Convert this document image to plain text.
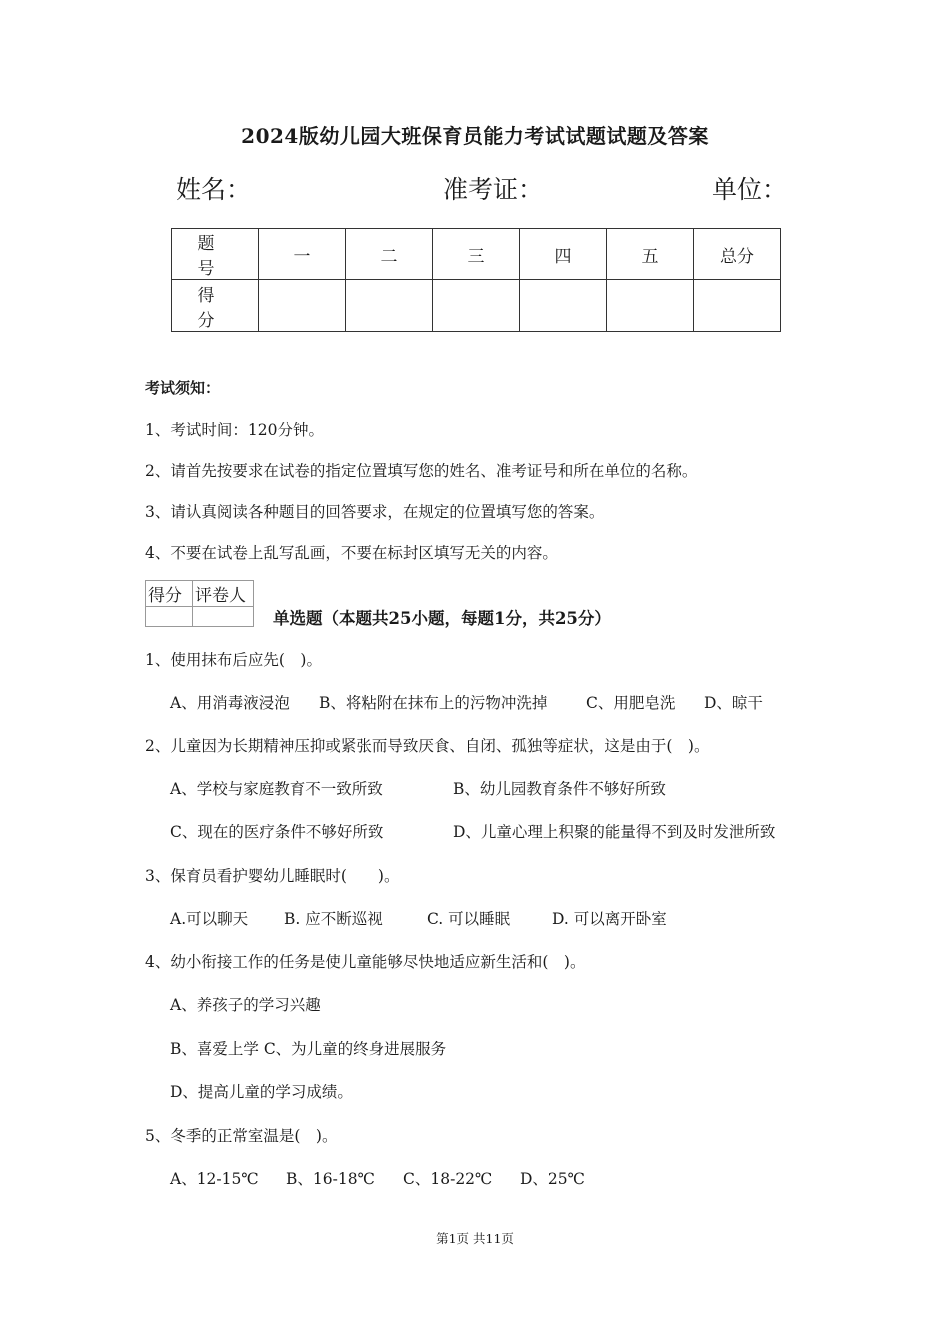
2024版幼儿园大班保育员能力考试试题试题及答案
姓名：	准考证：	单位：
题　号	一	二	三	四	五	总分
得　分						
考试须知：
1、考试时间：120分钟。
2、请首先按要求在试卷的指定位置填写您的姓名、准考证号和所在单位的名称。
3、请认真阅读各种题目的回答要求，在规定的位置填写您的答案。
4、不要在试卷上乱写乱画，不要在标封区填写无关的内容。
得分	评卷人

单选题（本题共25小题，每题1分，共25分）
1、使用抹布后应先(　)。
A、用消毒液浸泡 B、将粘附在抹布上的污物冲洗掉 C、用肥皂洗 D、晾干
2、儿童因为长期精神压抑或紧张而导致厌食、自闭、孤独等症状，这是由于(　)。
A、学校与家庭教育不一致所致	B、幼儿园教育条件不够好所致
C、现在的医疗条件不够好所致	D、儿童心理上积聚的能量得不到及时发泄所致
3、保育员看护婴幼儿睡眠时(　　)。
A.可以聊天 B. 应不断巡视	C. 可以睡眠	D. 可以离开卧室
4、幼小衔接工作的任务是使儿童能够尽快地适应新生活和(　)。
A、养孩子的学习兴趣
B、喜爱上学 C、为儿童的终身进展服务
D、提高儿童的学习成绩。
5、冬季的正常室温是(　)。
A、12-15℃ B、16-18℃ C、18-22℃ D、25℃
第1页 共11页
